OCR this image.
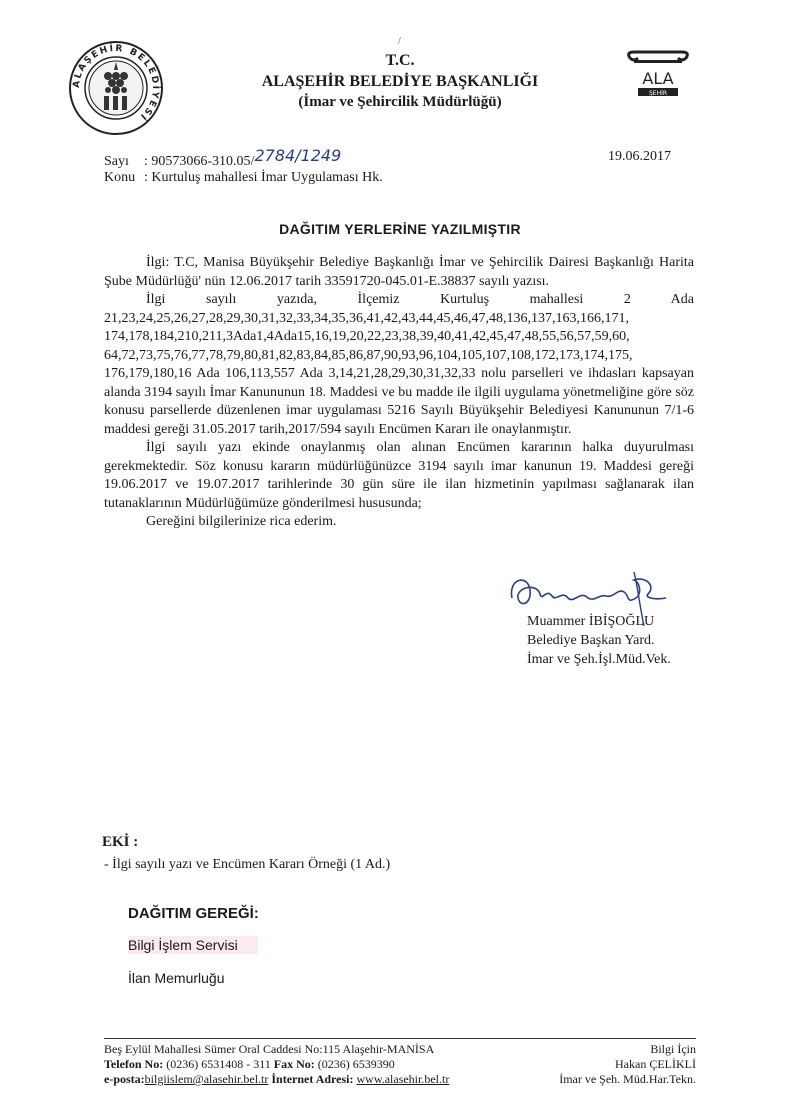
/
ALAŞEHİR BELEDİYESİ
T.C.
ALAŞEHİR BELEDİYE BAŞKANLIĞI
(İmar ve Şehircilik Müdürlüğü)
ALA
ŞEHİR
Sayı : 90573066-310.05/2784/1249
Konu : Kurtuluş mahallesi İmar Uygulaması Hk.
19.06.2017
DAĞITIM YERLERİNE YAZILMIŞTIR

İlgi: T.C, Manisa Büyükşehir Belediye Başkanlığı İmar ve Şehircilik Dairesi Başkanlığı Harita Şube Müdürlüğü' nün 12.06.2017 tarih 33591720-045.01-E.38837 sayılı yazısı.

İlgi sayılı yazıda, İlçemiz Kurtuluş mahallesi 2 Ada 21,23,24,25,26,27,28,29,30,31,32,33,34,35,36,41,42,43,44,45,46,47,48,136,137,163,166,171, 174,178,184,210,211,3Ada1,4Ada15,16,19,20,22,23,38,39,40,41,42,45,47,48,55,56,57,59,60, 64,72,73,75,76,77,78,79,80,81,82,83,84,85,86,87,90,93,96,104,105,107,108,172,173,174,175, 176,179,180,16 Ada 106,113,557 Ada 3,14,21,28,29,30,31,32,33 nolu parselleri ve ihdasları kapsayan alanda 3194 sayılı İmar Kanununun 18. Maddesi ve bu madde ile ilgili uygulama yönetmeliğine göre söz konusu parsellerde düzenlenen imar uygulaması 5216 Sayılı Büyükşehir Belediyesi Kanununun 7/1-6 maddesi gereği 31.05.2017 tarih,2017/594 sayılı Encümen Kararı ile onaylanmıştır.

İlgi sayılı yazı ekinde onaylanmış olan alınan Encümen kararının halka duyurulması gerekmektedir. Söz konusu kararın müdürlüğünüzce 3194 sayılı imar kanunun 19. Maddesi gereği 19.06.2017 ve 19.07.2017 tarihlerinde 30 gün süre ile ilan hizmetinin yapılması sağlanarak ilan tutanaklarının Müdürlüğümüze gönderilmesi hususunda;

Gereğini bilgilerinize rica ederim.

Muammer İBİŞOĞLU
Belediye Başkan Yard.
İmar ve Şeh.İşl.Müd.Vek.
EKİ :
- İlgi sayılı yazı ve Encümen Kararı Örneği (1 Ad.)
DAĞITIM GEREĞİ:
Bilgi İşlem Servisi
İlan Memurluğu
Beş Eylül Mahallesi Sümer Oral Caddesi No:115 Alaşehir-MANİSA
Telefon No: (0236) 6531408 - 311 Fax No: (0236) 6539390
e-posta:bilgiislem@alasehir.bel.tr İnternet Adresi: www.alasehir.bel.tr
Bilgi İçin
Hakan ÇELİKLİ
İmar ve Şeh. Müd.Har.Tekn.
